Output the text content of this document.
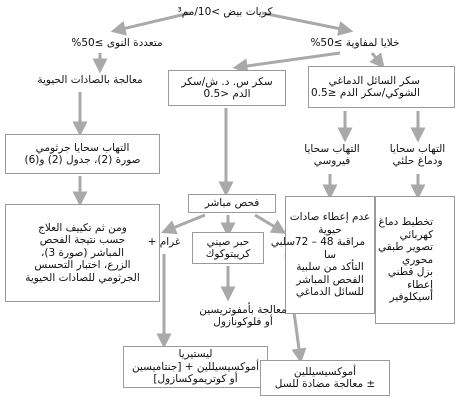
كريات بيض >10/مم³
متعددة النوى ≥50%	خلايا لمفاوية ≥50%
معالجة بالصادات الحيوية
التهاب سحايا جرثومي
صورة (2)، جدول (2) و(6)
ومن ثم تكييف العلاج
حسب نتيجة الفحص
المباشر (صورة 3)،
الزرع، اختبار التحسس
الجرثومي للصادات الحيوية
سكر س. د. ش/سكر
الدم <0.5
سكر السائل الدماغي
الشوكي/سكر الدم ≤0.5
التهاب سحايا
فيروسي
التهاب سحايا
ودماغ حلئي
عدم إعطاء صادات
حيوية
مراقبة 48 – 72
سا
التأكد من سلبية
الفحص المباشر
للسائل الدماغي
تخطيط دماغ
كهربائي
تصوير طبقي
محوري
بزل قطني
إعطاء
أسيكلوفير
فحص مباشر
غرام +	حبر صيني
كريبتوكوك
سلبي
معالجة بأمفوتريسين
أو فلوكونازول
ليستيريا
أموكسيسيللين + [جنتاميسين
أو كوتريموكسازول]
أموكسيسيللين
± معالجة مضادة للسل
